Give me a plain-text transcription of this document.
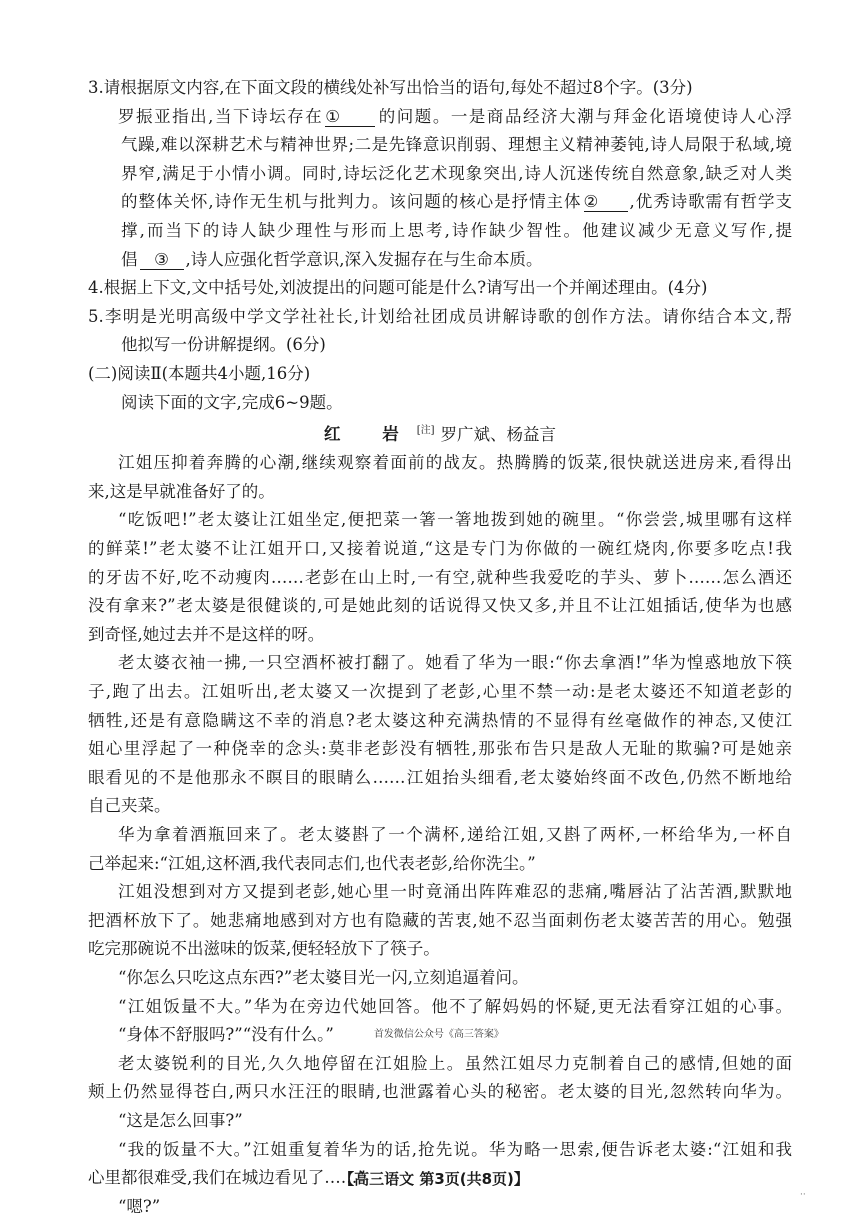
3.请根据原文内容,在下面文段的横线处补写出恰当的语句,每处不超过8个字。(3分)
罗振亚指出,当下诗坛存在 ① 的问题。一是商品经济大潮与拜金化语境使诗人心浮
气躁,难以深耕艺术与精神世界;二是先锋意识削弱、理想主义精神萎钝,诗人局限于私域,境
界窄,满足于小情小调。同时,诗坛泛化艺术现象突出,诗人沉迷传统自然意象,缺乏对人类
的整体关怀,诗作无生机与批判力。该问题的核心是抒情主体 ② ,优秀诗歌需有哲学支
撑,而当下的诗人缺少理性与形而上思考,诗作缺少智性。他建议减少无意义写作,提
倡 ③ ,诗人应强化哲学意识,深入发掘存在与生命本质。
4.根据上下文,文中括号处,刘波提出的问题可能是什么?请写出一个并阐述理由。(4分)
5.李明是光明高级中学文学社社长,计划给社团成员讲解诗歌的创作方法。请你结合本文,帮
他拟写一份讲解提纲。(6分)
(二)阅读Ⅱ(本题共4小题,16分)
阅读下面的文字,完成6~9题。
红 岩[注] 罗广斌、杨益言
江姐压抑着奔腾的心潮,继续观察着面前的战友。热腾腾的饭菜,很快就送进房来,看得出
来,这是早就准备好了的。
“吃饭吧!”老太婆让江姐坐定,便把菜一箸一箸地拨到她的碗里。“你尝尝,城里哪有这样
的鲜菜!”老太婆不让江姐开口,又接着说道,“这是专门为你做的一碗红烧肉,你要多吃点!我
的牙齿不好,吃不动瘦肉……老彭在山上时,一有空,就种些我爱吃的芋头、萝卜……怎么酒还
没有拿来?”老太婆是很健谈的,可是她此刻的话说得又快又多,并且不让江姐插话,使华为也感
到奇怪,她过去并不是这样的呀。
老太婆衣袖一拂,一只空酒杯被打翻了。她看了华为一眼:“你去拿酒!”华为惶惑地放下筷
子,跑了出去。江姐听出,老太婆又一次提到了老彭,心里不禁一动:是老太婆还不知道老彭的
牺牲,还是有意隐瞒这不幸的消息?老太婆这种充满热情的不显得有丝毫做作的神态,又使江
姐心里浮起了一种侥幸的念头:莫非老彭没有牺牲,那张布告只是敌人无耻的欺骗?可是她亲
眼看见的不是他那永不瞑目的眼睛么……江姐抬头细看,老太婆始终面不改色,仍然不断地给
自己夹菜。
华为拿着酒瓶回来了。老太婆斟了一个满杯,递给江姐,又斟了两杯,一杯给华为,一杯自
己举起来:“江姐,这杯酒,我代表同志们,也代表老彭,给你洗尘。”
江姐没想到对方又提到老彭,她心里一时竟涌出阵阵难忍的悲痛,嘴唇沾了沾苦酒,默默地
把酒杯放下了。她悲痛地感到对方也有隐藏的苦衷,她不忍当面刺伤老太婆苦苦的用心。勉强
吃完那碗说不出滋味的饭菜,便轻轻放下了筷子。
“你怎么只吃这点东西?”老太婆目光一闪,立刻追逼着问。
“江姐饭量不大。”华为在旁边代她回答。他不了解妈妈的怀疑,更无法看穿江姐的心事。
“身体不舒服吗?”“没有什么。”	首发微信公众号《高三答案》
老太婆锐利的目光,久久地停留在江姐脸上。虽然江姐尽力克制着自己的感情,但她的面
颊上仍然显得苍白,两只水汪汪的眼睛,也泄露着心头的秘密。老太婆的目光,忽然转向华为。
“这是怎么回事?”
“我的饭量不大。”江姐重复着华为的话,抢先说。华为略一思索,便告诉老太婆:“江姐和我
心里都很难受,我们在城边看见了……”
“嗯?”
【高三语文 第3页(共8页)】
··
